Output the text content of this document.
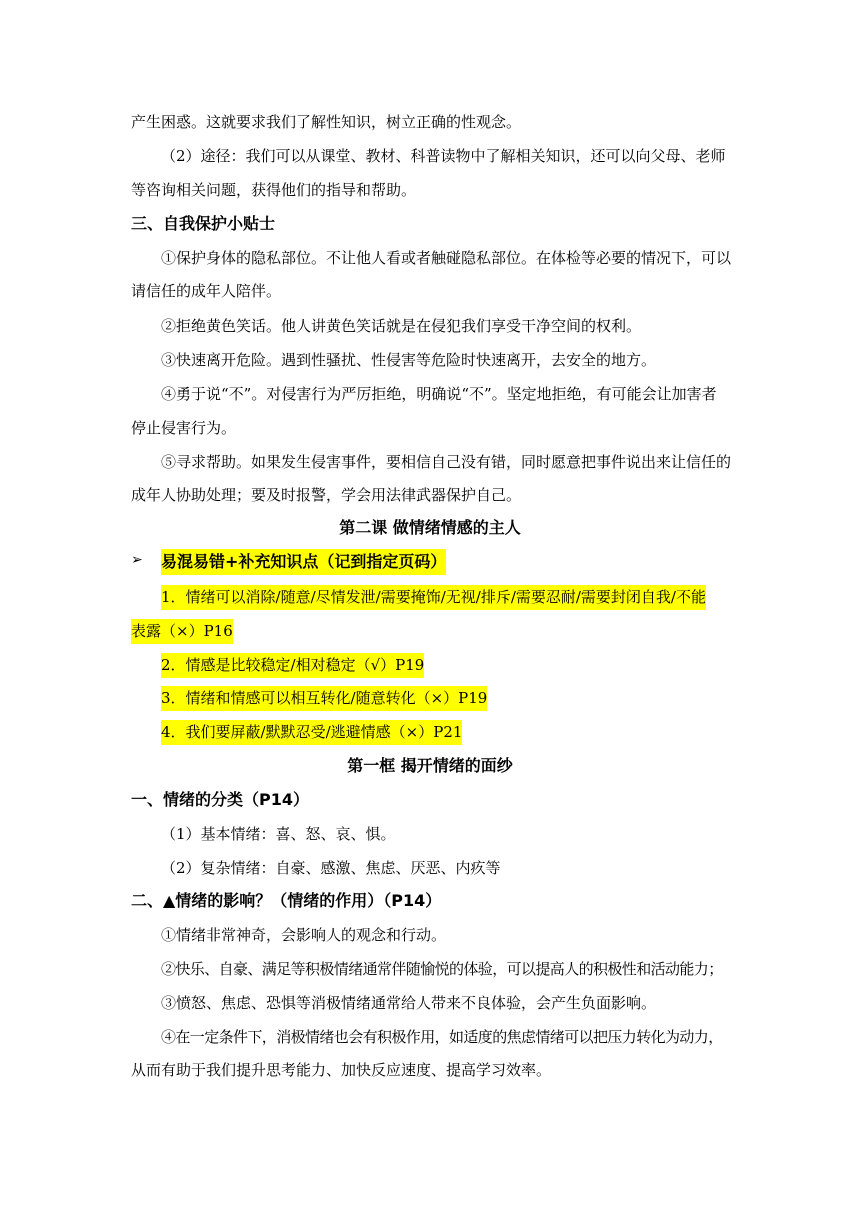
产生困惑。这就要求我们了解性知识，树立正确的性观念。
（2）途径：我们可以从课堂、教材、科普读物中了解相关知识，还可以向父母、老师
等咨询相关问题，获得他们的指导和帮助。
三、自我保护小贴士
①保护身体的隐私部位。不让他人看或者触碰隐私部位。在体检等必要的情况下，可以
请信任的成年人陪伴。
②拒绝黄色笑话。他人讲黄色笑话就是在侵犯我们享受干净空间的权利。
③快速离开危险。遇到性骚扰、性侵害等危险时快速离开，去安全的地方。
④勇于说“不”。对侵害行为严厉拒绝，明确说“不”。坚定地拒绝，有可能会让加害者
停止侵害行为。
⑤寻求帮助。如果发生侵害事件，要相信自己没有错，同时愿意把事件说出来让信任的
成年人协助处理；要及时报警，学会用法律武器保护自己。
第二课 做情绪情感的主人
➢ 易混易错+补充知识点（记到指定页码）
1．情绪可以消除/随意/尽情发泄/需要掩饰/无视/排斥/需要忍耐/需要封闭自我/不能
表露（×）P16
2．情感是比较稳定/相对稳定（√）P19
3．情绪和情感可以相互转化/随意转化（×）P19
4．我们要屏蔽/默默忍受/逃避情感（×）P21
第一框 揭开情绪的面纱
一、情绪的分类（P14）
（1）基本情绪：喜、怒、哀、惧。
（2）复杂情绪：自豪、感激、焦虑、厌恶、内疚等
二、▲情绪的影响？（情绪的作用）（P14）
①情绪非常神奇，会影响人的观念和行动。
②快乐、自豪、满足等积极情绪通常伴随愉悦的体验，可以提高人的积极性和活动能力；
③愤怒、焦虑、恐惧等消极情绪通常给人带来不良体验，会产生负面影响。
④在一定条件下，消极情绪也会有积极作用，如适度的焦虑情绪可以把压力转化为动力，
从而有助于我们提升思考能力、加快反应速度、提高学习效率。
